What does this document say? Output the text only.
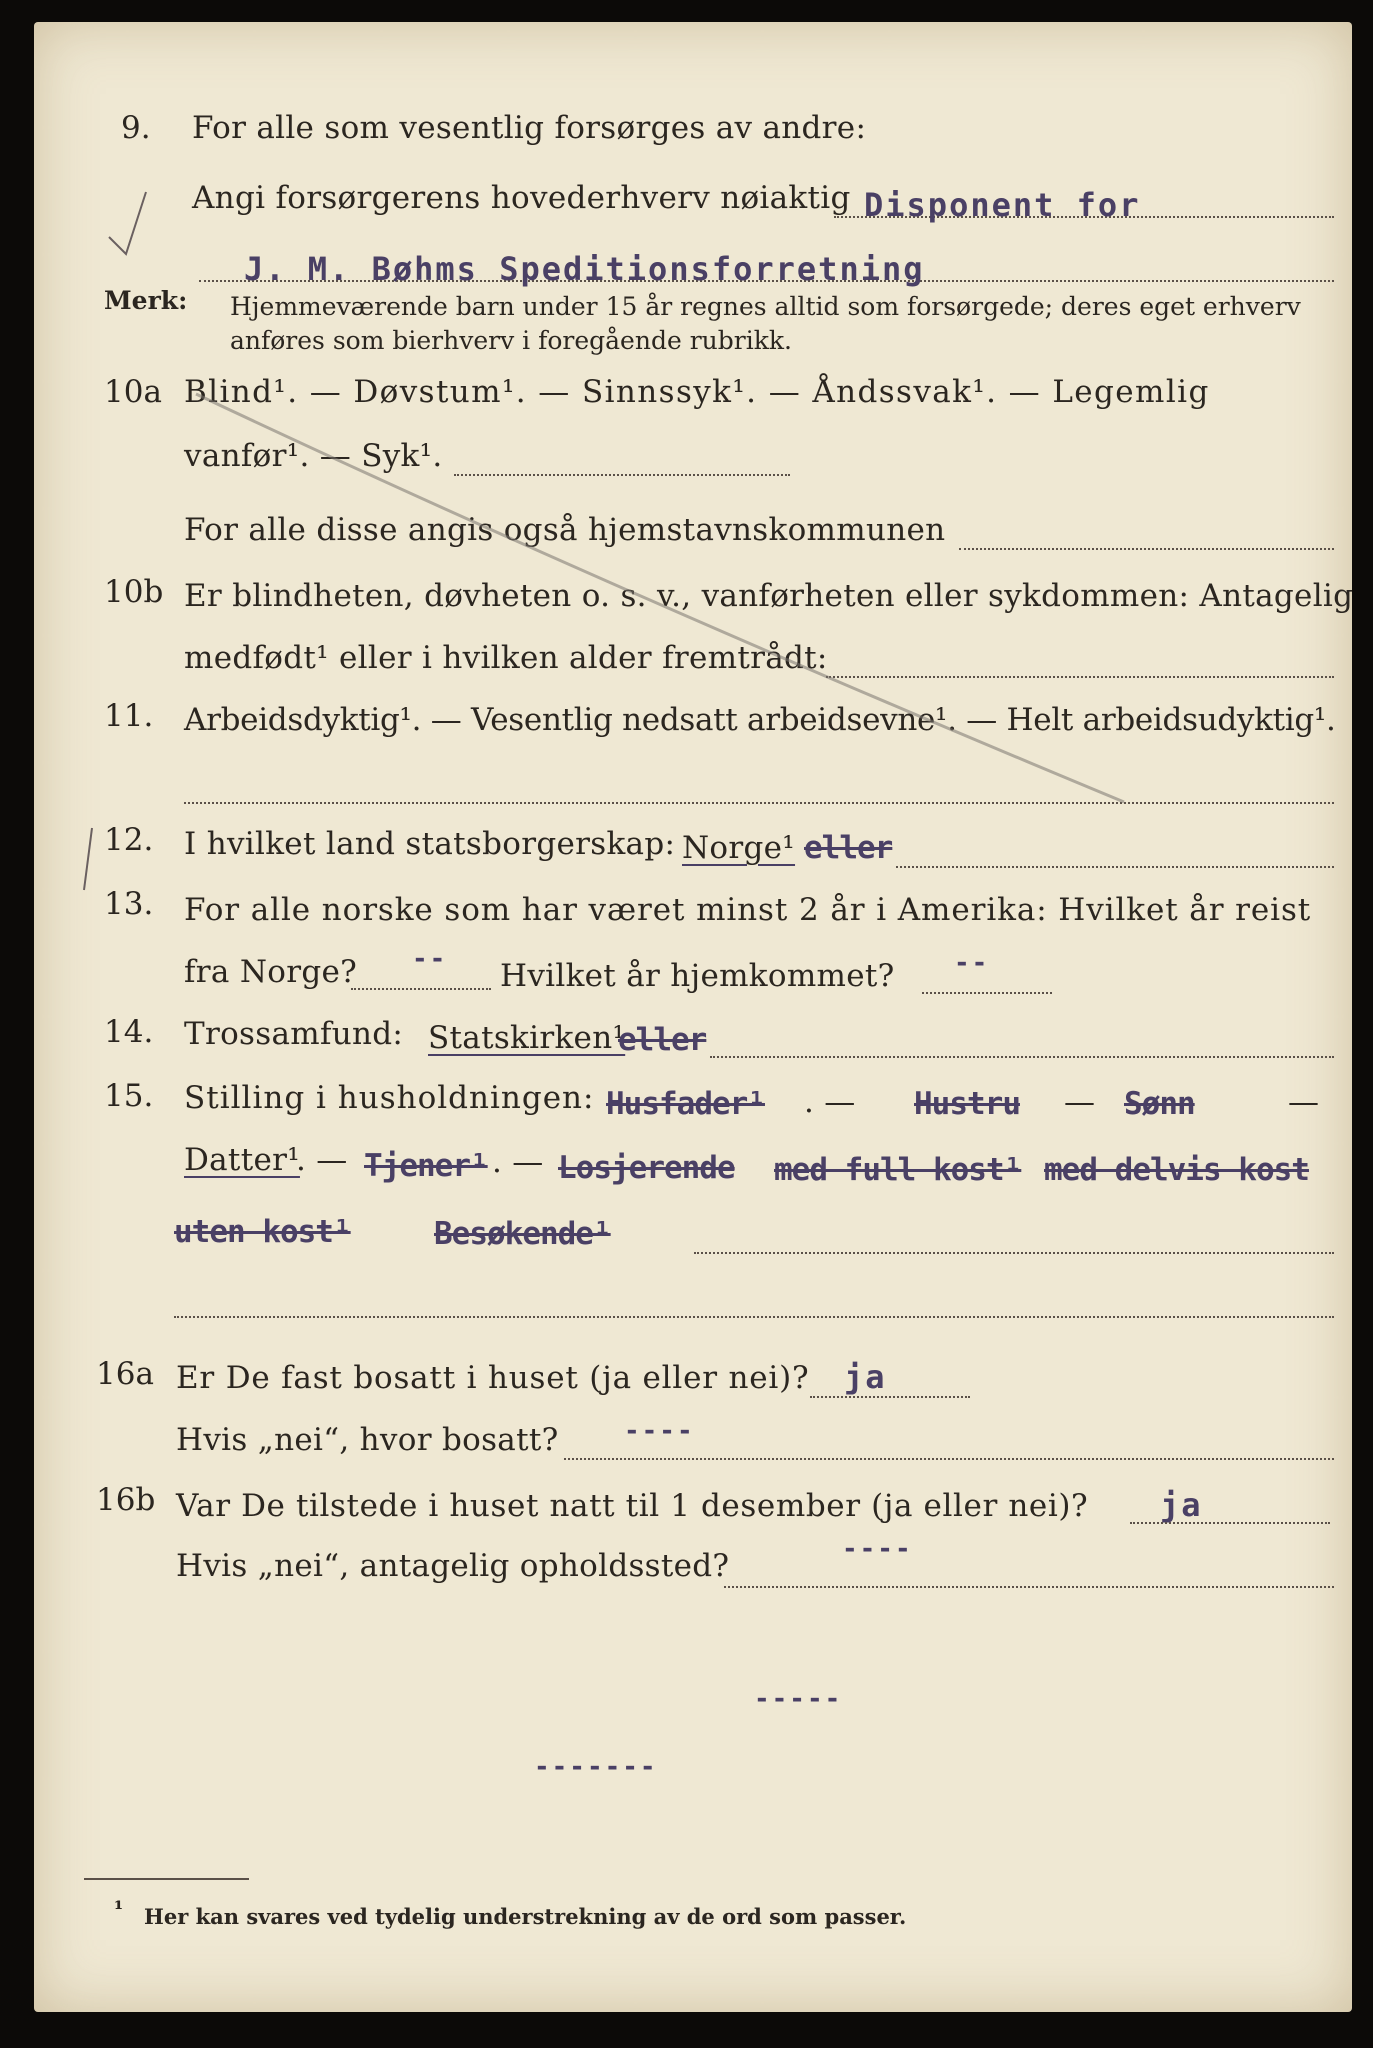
9. For alle som vesentlig forsørges av andre:
Angi forsørgerens hovederhverv nøiaktig Disponent for
J. M. Bøhms Speditionsforretning
Merk: Hjemmeværende barn under 15 år regnes alltid som forsørgede; deres eget erhverv
anføres som bierhverv i foregående rubrikk.
10a Blind¹. — Døvstum¹. — Sinnssyk¹. — Åndssvak¹. — Legemlig
vanfør¹. — Syk¹.
For alle disse angis også hjemstavnskommunen
10b Er blindheten, døvheten o. s. v., vanførheten eller sykdommen: Antagelig
medfødt¹ eller i hvilken alder fremtrådt:
11. Arbeidsdyktig¹. — Vesentlig nedsatt arbeidsevne¹. — Helt arbeidsudyktig¹.
12. I hvilket land statsborgerskap: Norge¹ eller
13. For alle norske som har været minst 2 år i Amerika: Hvilket år reist
fra Norge? -- Hvilket år hjemkommet? --
14. Trossamfund: Statskirken¹
eller
15. Stilling i husholdningen: Husfader¹ . — Hustru — Sønn	—
Datter¹
. — Tjener¹ . — Losjerende med full kost¹ med delvis kost
uten kost¹	Besøkende¹
16a Er De fast bosatt i huset (ja eller nei)? ja
Hvis „nei“, hvor bosatt?	----
16b Var De tilstede i huset natt til 1 desember (ja eller nei)? ja
Hvis „nei“, antagelig opholdssted?	----
-----
-------
¹ Her kan svares ved tydelig understrekning av de ord som passer.
